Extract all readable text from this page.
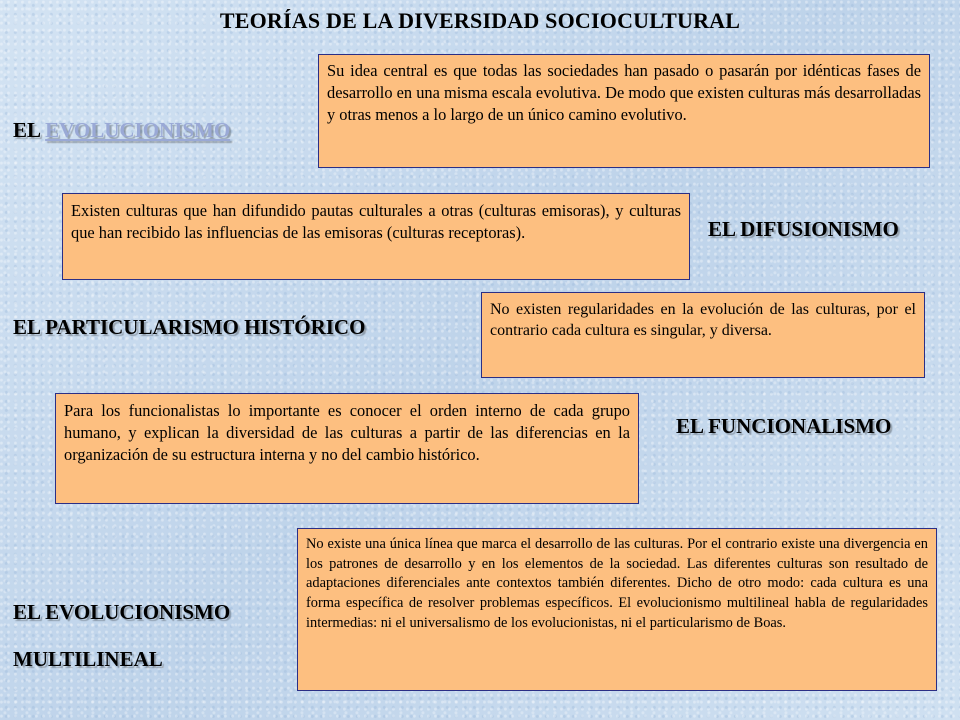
TEORÍAS DE LA DIVERSIDAD SOCIOCULTURAL
EL EVOLUCIONISMO
Su idea central es que todas las sociedades han pasado o pasarán por idénticas fases de desarrollo en una misma escala evolutiva. De modo que existen culturas más desarrolladas y otras menos a lo largo de un único camino evolutivo.
Existen culturas que han difundido pautas culturales a otras (culturas emisoras), y culturas que han recibido las influencias de las emisoras (culturas receptoras).	EL DIFUSIONISMO
EL PARTICULARISMO HISTÓRICO
No existen regularidades en la evolución de las culturas, por el contrario cada cultura es singular, y diversa.
Para los funcionalistas lo importante es conocer el orden interno de cada grupo humano, y explican la diversidad de las culturas a partir de las diferencias en la organización de su estructura interna y no del cambio histórico.
EL FUNCIONALISMO
EL EVOLUCIONISMO
MULTILINEAL
No existe una única línea que marca el desarrollo de las culturas. Por el contrario existe una divergencia en los patrones de desarrollo y en los elementos de la sociedad. Las diferentes culturas son resultado de adaptaciones diferenciales ante contextos también diferentes. Dicho de otro modo: cada cultura es una forma específica de resolver problemas específicos. El evolucionismo multilineal habla de regularidades intermedias: ni el universalismo de los evolucionistas, ni el particularismo de Boas.
